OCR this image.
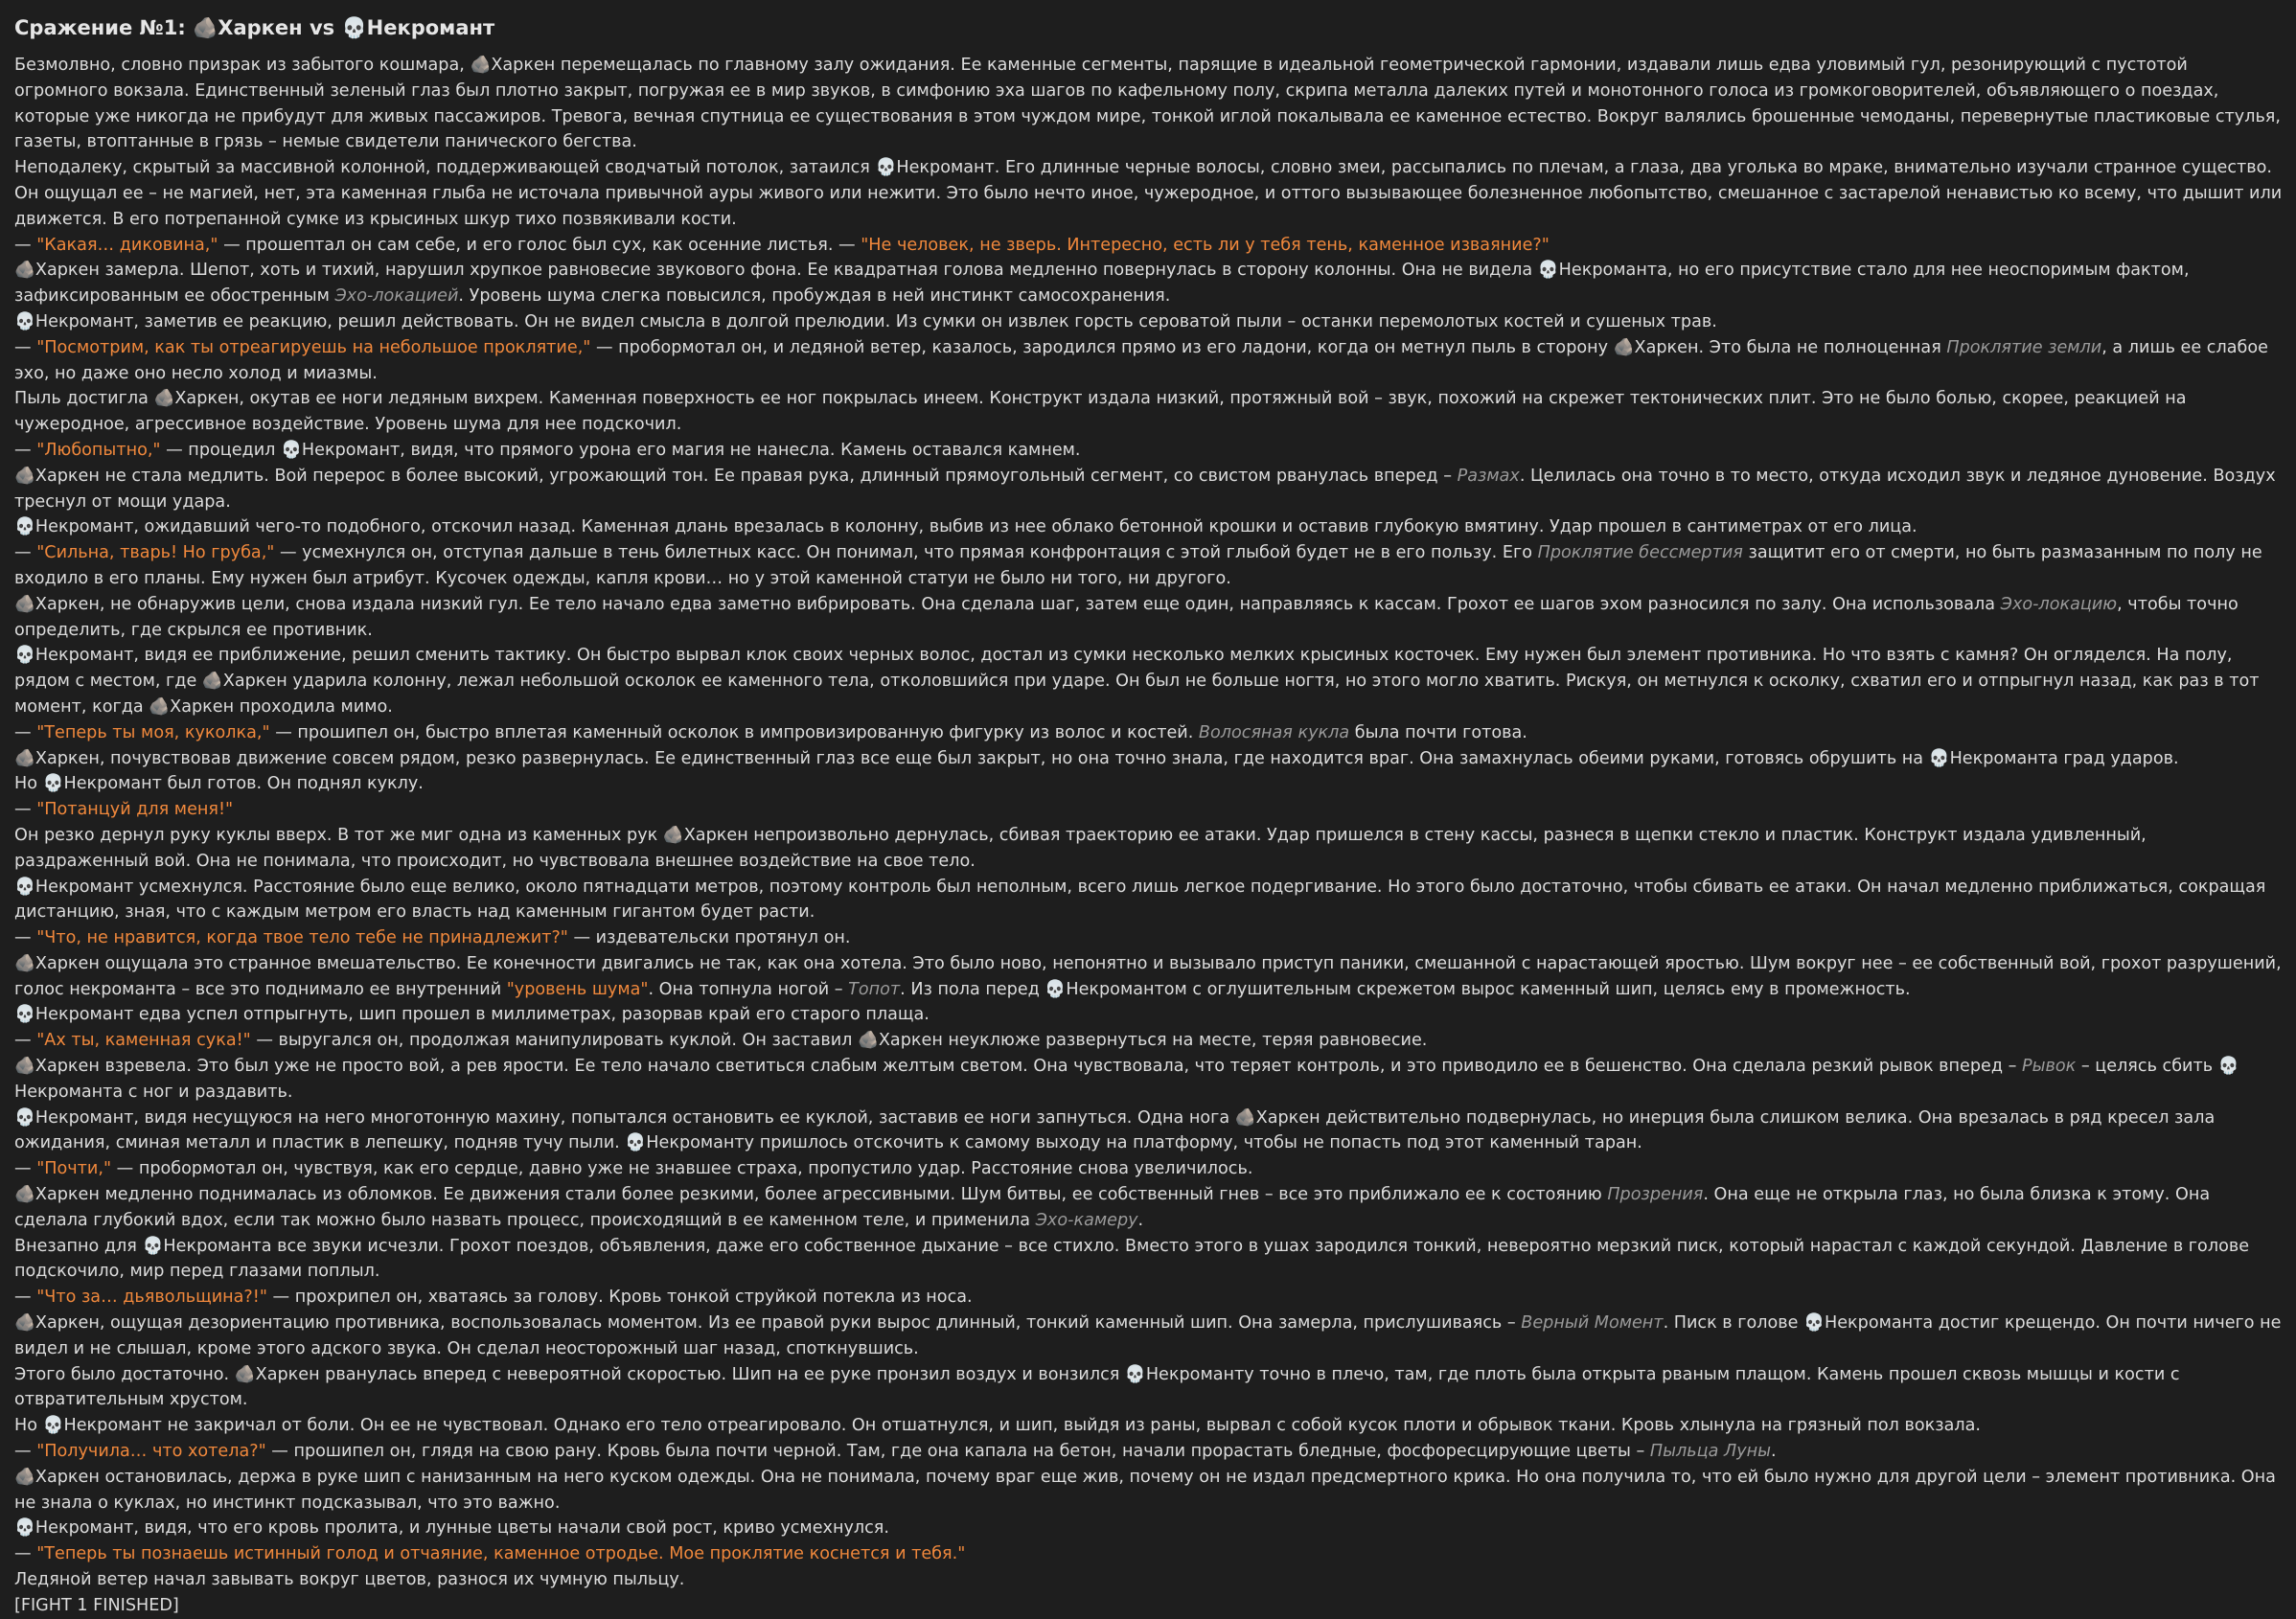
Сражение №1: 🪨Харкен vs 💀Некромант
Безмолвно, словно призрак из забытого кошмара, 🪨Харкен перемещалась по главному залу ожидания. Ее каменные сегменты, парящие в идеальной геометрической гармонии, издавали лишь едва уловимый гул, резонирующий с пустотой огромного вокзала. Единственный зеленый глаз был плотно закрыт, погружая ее в мир звуков, в симфонию эха шагов по кафельному полу, скрипа металла далеких путей и монотонного голоса из громкоговорителей, объявляющего о поездах, которые уже никогда не прибудут для живых пассажиров. Тревога, вечная спутница ее существования в этом чуждом мире, тонкой иглой покалывала ее каменное естество. Вокруг валялись брошенные чемоданы, перевернутые пластиковые стулья, газеты, втоптанные в грязь – немые свидетели панического бегства.
Неподалеку, скрытый за массивной колонной, поддерживающей сводчатый потолок, затаился 💀Некромант. Его длинные черные волосы, словно змеи, рассыпались по плечам, а глаза, два уголька во мраке, внимательно изучали странное существо. Он ощущал ее – не магией, нет, эта каменная глыба не источала привычной ауры живого или нежити. Это было нечто иное, чужеродное, и оттого вызывающее болезненное любопытство, смешанное с застарелой ненавистью ко всему, что дышит или движется. В его потрепанной сумке из крысиных шкур тихо позвякивали кости.
— "Какая… диковина," — прошептал он сам себе, и его голос был сух, как осенние листья. — "Не человек, не зверь. Интересно, есть ли у тебя тень, каменное изваяние?"
🪨Харкен замерла. Шепот, хоть и тихий, нарушил хрупкое равновесие звукового фона. Ее квадратная голова медленно повернулась в сторону колонны. Она не видела 💀Некроманта, но его присутствие стало для нее неоспоримым фактом, зафиксированным ее обостренным Эхо-локацией. Уровень шума слегка повысился, пробуждая в ней инстинкт самосохранения.
💀Некромант, заметив ее реакцию, решил действовать. Он не видел смысла в долгой прелюдии. Из сумки он извлек горсть сероватой пыли – останки перемолотых костей и сушеных трав.
— "Посмотрим, как ты отреагируешь на небольшое проклятие," — пробормотал он, и ледяной ветер, казалось, зародился прямо из его ладони, когда он метнул пыль в сторону 🪨Харкен. Это была не полноценная Проклятие земли, а лишь ее слабое эхо, но даже оно несло холод и миазмы.
Пыль достигла 🪨Харкен, окутав ее ноги ледяным вихрем. Каменная поверхность ее ног покрылась инеем. Конструкт издала низкий, протяжный вой – звук, похожий на скрежет тектонических плит. Это не было болью, скорее, реакцией на чужеродное, агрессивное воздействие. Уровень шума для нее подскочил.
— "Любопытно," — процедил 💀Некромант, видя, что прямого урона его магия не нанесла. Камень оставался камнем.
🪨Харкен не стала медлить. Вой перерос в более высокий, угрожающий тон. Ее правая рука, длинный прямоугольный сегмент, со свистом рванулась вперед – Размах. Целилась она точно в то место, откуда исходил звук и ледяное дуновение. Воздух треснул от мощи удара.
💀Некромант, ожидавший чего-то подобного, отскочил назад. Каменная длань врезалась в колонну, выбив из нее облако бетонной крошки и оставив глубокую вмятину. Удар прошел в сантиметрах от его лица.
— "Сильна, тварь! Но груба," — усмехнулся он, отступая дальше в тень билетных касс. Он понимал, что прямая конфронтация с этой глыбой будет не в его пользу. Его Проклятие бессмертия защитит его от смерти, но быть размазанным по полу не входило в его планы. Ему нужен был атрибут. Кусочек одежды, капля крови… но у этой каменной статуи не было ни того, ни другого.
🪨Харкен, не обнаружив цели, снова издала низкий гул. Ее тело начало едва заметно вибрировать. Она сделала шаг, затем еще один, направляясь к кассам. Грохот ее шагов эхом разносился по залу. Она использовала Эхо-локацию, чтобы точно определить, где скрылся ее противник.
💀Некромант, видя ее приближение, решил сменить тактику. Он быстро вырвал клок своих черных волос, достал из сумки несколько мелких крысиных косточек. Ему нужен был элемент противника. Но что взять с камня? Он огляделся. На полу, рядом с местом, где 🪨Харкен ударила колонну, лежал небольшой осколок ее каменного тела, отколовшийся при ударе. Он был не больше ногтя, но этого могло хватить. Рискуя, он метнулся к осколку, схватил его и отпрыгнул назад, как раз в тот момент, когда 🪨Харкен проходила мимо.
— "Теперь ты моя, куколка," — прошипел он, быстро вплетая каменный осколок в импровизированную фигурку из волос и костей. Волосяная кукла была почти готова.
🪨Харкен, почувствовав движение совсем рядом, резко развернулась. Ее единственный глаз все еще был закрыт, но она точно знала, где находится враг. Она замахнулась обеими руками, готовясь обрушить на 💀Некроманта град ударов.
Но 💀Некромант был готов. Он поднял куклу.
— "Потанцуй для меня!"
Он резко дернул руку куклы вверх. В тот же миг одна из каменных рук 🪨Харкен непроизвольно дернулась, сбивая траекторию ее атаки. Удар пришелся в стену кассы, разнеся в щепки стекло и пластик. Конструкт издала удивленный, раздраженный вой. Она не понимала, что происходит, но чувствовала внешнее воздействие на свое тело.
💀Некромант усмехнулся. Расстояние было еще велико, около пятнадцати метров, поэтому контроль был неполным, всего лишь легкое подергивание. Но этого было достаточно, чтобы сбивать ее атаки. Он начал медленно приближаться, сокращая дистанцию, зная, что с каждым метром его власть над каменным гигантом будет расти.
— "Что, не нравится, когда твое тело тебе не принадлежит?" — издевательски протянул он.
🪨Харкен ощущала это странное вмешательство. Ее конечности двигались не так, как она хотела. Это было ново, непонятно и вызывало приступ паники, смешанной с нарастающей яростью. Шум вокруг нее – ее собственный вой, грохот разрушений, голос некроманта – все это поднимало ее внутренний "уровень шума". Она топнула ногой – Топот. Из пола перед 💀Некромантом с оглушительным скрежетом вырос каменный шип, целясь ему в промежность.
💀Некромант едва успел отпрыгнуть, шип прошел в миллиметрах, разорвав край его старого плаща.
— "Ах ты, каменная сука!" — выругался он, продолжая манипулировать куклой. Он заставил 🪨Харкен неуклюже развернуться на месте, теряя равновесие.
🪨Харкен взревела. Это был уже не просто вой, а рев ярости. Ее тело начало светиться слабым желтым светом. Она чувствовала, что теряет контроль, и это приводило ее в бешенство. Она сделала резкий рывок вперед – Рывок – целясь сбить 💀Некроманта с ног и раздавить.
💀Некромант, видя несущуюся на него многотонную махину, попытался остановить ее куклой, заставив ее ноги запнуться. Одна нога 🪨Харкен действительно подвернулась, но инерция была слишком велика. Она врезалась в ряд кресел зала ожидания, сминая металл и пластик в лепешку, подняв тучу пыли. 💀Некроманту пришлось отскочить к самому выходу на платформу, чтобы не попасть под этот каменный таран.
— "Почти," — пробормотал он, чувствуя, как его сердце, давно уже не знавшее страха, пропустило удар. Расстояние снова увеличилось.
🪨Харкен медленно поднималась из обломков. Ее движения стали более резкими, более агрессивными. Шум битвы, ее собственный гнев – все это приближало ее к состоянию Прозрения. Она еще не открыла глаз, но была близка к этому. Она сделала глубокий вдох, если так можно было назвать процесс, происходящий в ее каменном теле, и применила Эхо-камеру.
Внезапно для 💀Некроманта все звуки исчезли. Грохот поездов, объявления, даже его собственное дыхание – все стихло. Вместо этого в ушах зародился тонкий, невероятно мерзкий писк, который нарастал с каждой секундой. Давление в голове подскочило, мир перед глазами поплыл.
— "Что за… дьявольщина?!" — прохрипел он, хватаясь за голову. Кровь тонкой струйкой потекла из носа.
🪨Харкен, ощущая дезориентацию противника, воспользовалась моментом. Из ее правой руки вырос длинный, тонкий каменный шип. Она замерла, прислушиваясь – Верный Момент. Писк в голове 💀Некроманта достиг крещендо. Он почти ничего не видел и не слышал, кроме этого адского звука. Он сделал неосторожный шаг назад, споткнувшись.
Этого было достаточно. 🪨Харкен рванулась вперед с невероятной скоростью. Шип на ее руке пронзил воздух и вонзился 💀Некроманту точно в плечо, там, где плоть была открыта рваным плащом. Камень прошел сквозь мышцы и кости с отвратительным хрустом.
Но 💀Некромант не закричал от боли. Он ее не чувствовал. Однако его тело отреагировало. Он отшатнулся, и шип, выйдя из раны, вырвал с собой кусок плоти и обрывок ткани. Кровь хлынула на грязный пол вокзала.
— "Получила… что хотела?" — прошипел он, глядя на свою рану. Кровь была почти черной. Там, где она капала на бетон, начали прорастать бледные, фосфоресцирующие цветы – Пыльца Луны.
🪨Харкен остановилась, держа в руке шип с нанизанным на него куском одежды. Она не понимала, почему враг еще жив, почему он не издал предсмертного крика. Но она получила то, что ей было нужно для другой цели – элемент противника. Она не знала о куклах, но инстинкт подсказывал, что это важно.
💀Некромант, видя, что его кровь пролита, и лунные цветы начали свой рост, криво усмехнулся.
— "Теперь ты познаешь истинный голод и отчаяние, каменное отродье. Мое проклятие коснется и тебя."
Ледяной ветер начал завывать вокруг цветов, разнося их чумную пыльцу.
[FIGHT 1 FINISHED]
